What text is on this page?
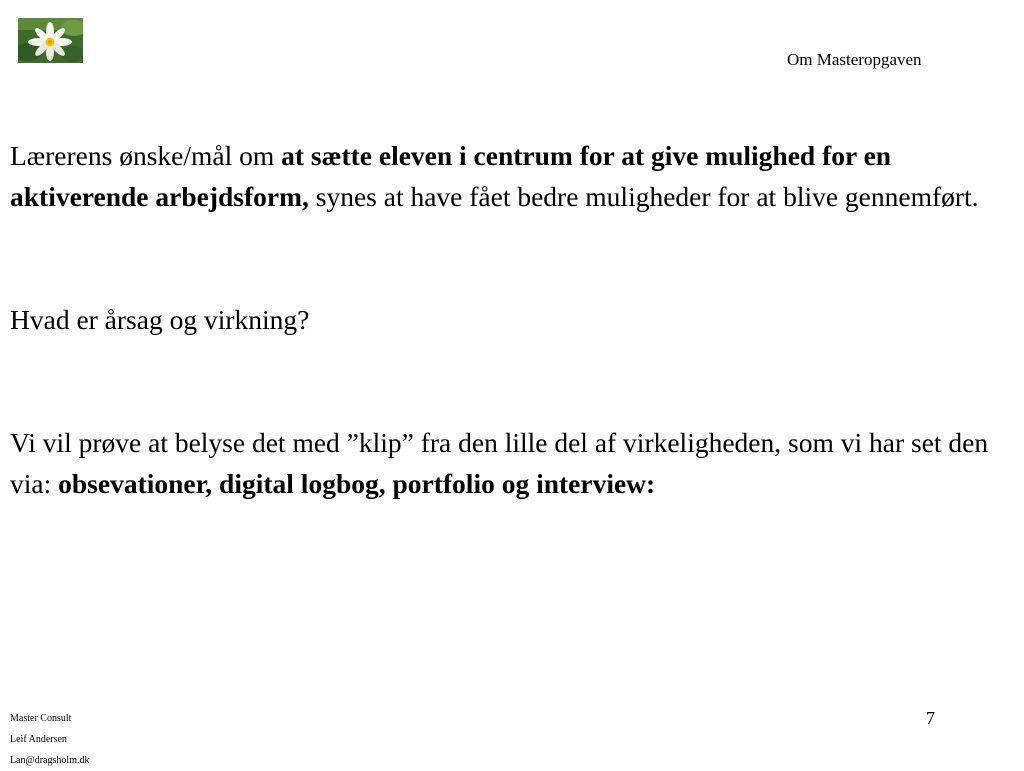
Om Masteropgaven

Lærerens ønske/mål om at sætte eleven i centrum for at give mulighed for en aktiverende arbejdsform, synes at have fået bedre muligheder for at blive gennemført.

Hvad er årsag og virkning?

Vi vil prøve at belyse det med ”klip” fra den lille del af virkeligheden, som vi har set den via: obsevationer, digital logbog, portfolio og interview:

Master Consult
Leif Andersen
Lan@dragsholm.dk
7
